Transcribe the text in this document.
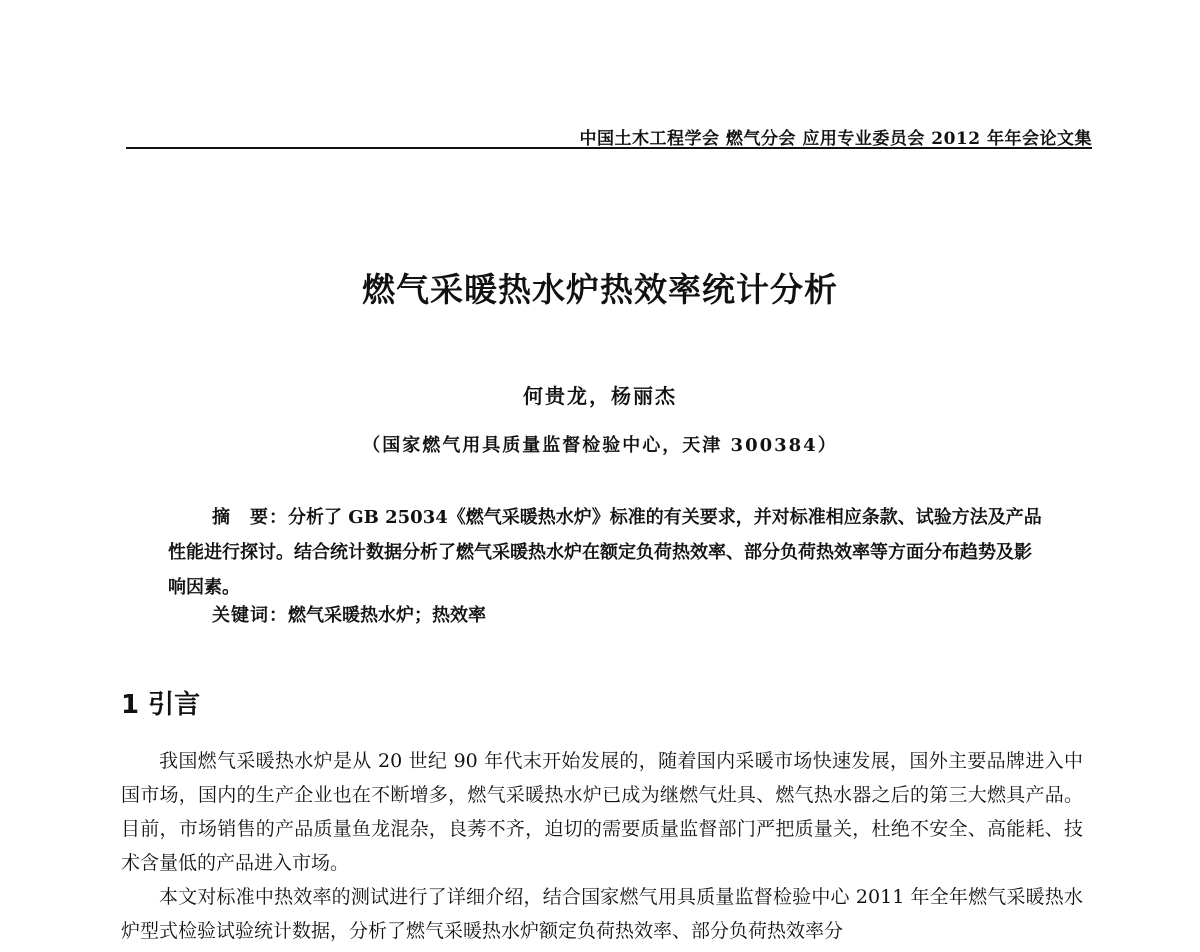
中国土木工程学会 燃气分会 应用专业委员会 2012 年年会论文集
燃气采暖热水炉热效率统计分析
何贵龙，杨丽杰
（国家燃气用具质量监督检验中心，天津 300384）

摘　要：分析了 GB 25034《燃气采暖热水炉》标准的有关要求，并对标准相应条款、试验方法及产品性能进行探讨。结合统计数据分析了燃气采暖热水炉在额定负荷热效率、部分负荷热效率等方面分布趋势及影响因素。

关键词：燃气采暖热水炉；热效率
1 引言

我国燃气采暖热水炉是从 20 世纪 90 年代末开始发展的，随着国内采暖市场快速发展，国外主要品牌进入中国市场，国内的生产企业也在不断增多，燃气采暖热水炉已成为继燃气灶具、燃气热水器之后的第三大燃具产品。目前，市场销售的产品质量鱼龙混杂，良莠不齐，迫切的需要质量监督部门严把质量关，杜绝不安全、高能耗、技术含量低的产品进入市场。

本文对标准中热效率的测试进行了详细介绍，结合国家燃气用具质量监督检验中心 2011 年全年燃气采暖热水炉型式检验试验统计数据，分析了燃气采暖热水炉额定负荷热效率、部分负荷热效率分
